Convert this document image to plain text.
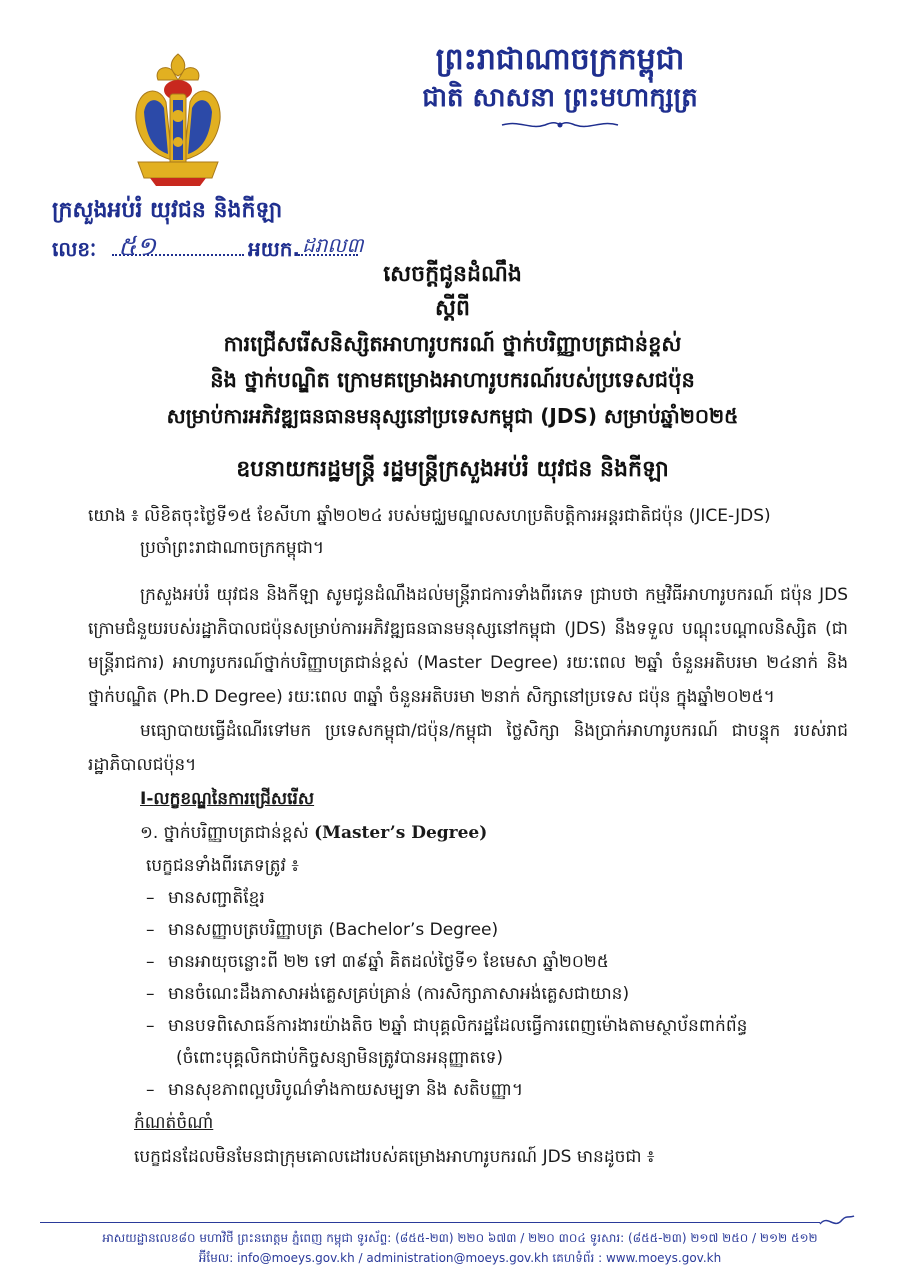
ព្រះរាជាណាចក្រកម្ពុជា
ជាតិ សាសនា ព្រះមហាក្សត្រ
ក្រសួងអប់រំ យុវជន និងកីឡា
លេខៈ ៥១	អយក. ដរាល៣
សេចក្តីជូនដំណឹង
ស្តីពី
ការជ្រើសរើសនិស្សិតអាហារូបករណ៍ ថ្នាក់បរិញ្ញាបត្រជាន់ខ្ពស់
និង ថ្នាក់បណ្ឌិត ក្រោមគម្រោងអាហារូបករណ៍របស់ប្រទេសជប៉ុន
សម្រាប់ការអភិវឌ្ឍធនធានមនុស្សនៅប្រទេសកម្ពុជា (JDS) សម្រាប់ឆ្នាំ២០២៥
ឧបនាយករដ្ឋមន្ត្រី រដ្ឋមន្ត្រីក្រសួងអប់រំ យុវជន និងកីឡា
យោង ៖ លិខិតចុះថ្ងៃទី១៥ ខែសីហា ឆ្នាំ២០២៤ របស់មជ្ឈមណ្ឌលសហប្រតិបត្តិការអន្តរជាតិជប៉ុន (JICE-JDS)
ប្រចាំព្រះរាជាណាចក្រកម្ពុជា។
ក្រសួងអប់រំ យុវជន និងកីឡា សូមជូនដំណឹងដល់មន្ត្រីរាជការទាំងពីរភេទ ជ្រាបថា កម្មវិធីអាហារូបករណ៍ ជប៉ុន JDS ក្រោមជំនួយរបស់រដ្ឋាភិបាលជប៉ុនសម្រាប់ការអភិវឌ្ឍធនធានមនុស្សនៅកម្ពុជា (JDS) នឹងទទួល បណ្តុះបណ្តាលនិស្សិត (ជាមន្ត្រីរាជការ) អាហារូបករណ៍ថ្នាក់បរិញ្ញាបត្រជាន់ខ្ពស់ (Master Degree) រយៈពេល ២ឆ្នាំ ចំនួនអតិបរមា ២៤នាក់ និង ថ្នាក់បណ្ឌិត (Ph.D Degree) រយៈពេល ៣ឆ្នាំ ចំនួនអតិបរមា ២នាក់ សិក្សានៅប្រទេស ជប៉ុន ក្នុងឆ្នាំ២០២៥។
មធ្យោបាយធ្វើដំណើរទៅមក ប្រទេសកម្ពុជា/ជប៉ុន/កម្ពុជា ថ្លៃសិក្សា និងប្រាក់អាហារូបករណ៍ ជាបន្ទុក របស់រាជរដ្ឋាភិបាលជប៉ុន។
I-លក្ខខណ្ឌនៃការជ្រើសរើស
១. ថ្នាក់បរិញ្ញាបត្រជាន់ខ្ពស់ (Master’s Degree)
បេក្ខជនទាំងពីរភេទត្រូវ ៖
– មានសញ្ជាតិខ្មែរ
– មានសញ្ញាបត្របរិញ្ញាបត្រ (Bachelor’s Degree)
– មានអាយុចន្លោះពី ២២ ទៅ ៣៩ឆ្នាំ គិតដល់ថ្ងៃទី១ ខែមេសា ឆ្នាំ២០២៥
– មានចំណេះដឹងភាសាអង់គ្លេសគ្រប់គ្រាន់ (ការសិក្សាភាសាអង់គ្លេសជាយាន)
– មានបទពិសោធន៍ការងារយ៉ាងតិច ២ឆ្នាំ ជាបុគ្គលិករដ្ឋដែលធ្វើការពេញម៉ោងតាមស្ថាប័នពាក់ព័ន្ធ
(ចំពោះបុគ្គលិកជាប់កិច្ចសន្យាមិនត្រូវបានអនុញ្ញាតទេ)
– មានសុខភាពល្អបរិបូណ៌ទាំងកាយសម្បទា និង សតិបញ្ញា។
កំណត់ចំណាំ
បេក្ខជនដែលមិនមែនជាក្រុមគោលដៅរបស់គម្រោងអាហារូបករណ៍ JDS មានដូចជា ៖
អាសយដ្ឋានលេខ៨០ មហាវិថី ព្រះនរោត្តម ភ្នំពេញ កម្ពុជា ទូរស័ព្ទ: (៨៥៥-២៣) ២២០ ៦៧៣ / ២២០ ៣០៤ ទូរសារ: (៨៥៥-២៣) ២១៧ ២៥០ / ២១២ ៥១២
អ៊ីមែល: info@moeys.gov.kh / administration@moeys.gov.kh គេហទំព័រ : www.moeys.gov.kh
